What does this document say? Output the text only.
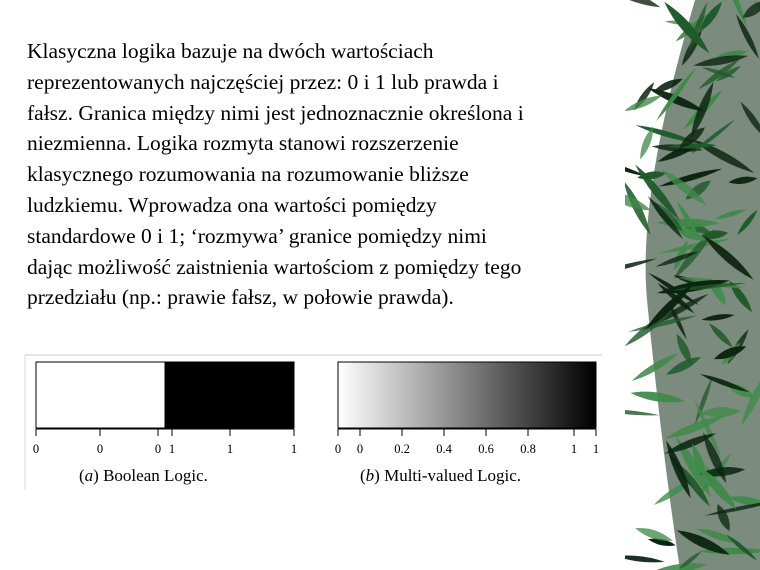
Klasyczna logika bazuje na dwóch wartościach
reprezentowanych najczęściej przez: 0 i 1 lub prawda i
fałsz. Granica między nimi jest jednoznacznie określona i
niezmienna. Logika rozmyta stanowi rozszerzenie
klasycznego rozumowania na rozumowanie bliższe
ludzkiemu. Wprowadza ona wartości pomiędzy
standardowe 0 i 1; ‘rozmywa’ granice pomiędzy nimi
dając możliwość zaistnienia wartościom z pomiędzy tego
przedziału (np.: prawie fałsz, w połowie prawda).

0	0	0 1	1	1
(a) Boolean Logic.
0 0 0.2 0.4 0.6 0.8	1 1
(b) Multi-valued Logic.
